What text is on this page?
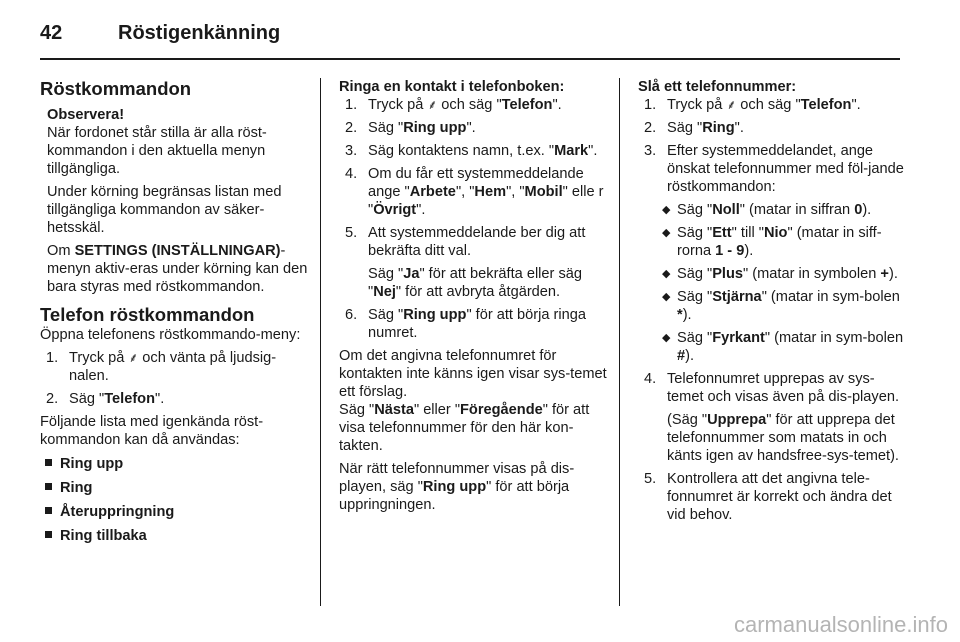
42	Röstigenkänning
Röstkommandon
Observera!
När fordonet står stilla är alla röst-kommandon i den aktuella menyn tillgängliga.
Under körning begränsas listan med tillgängliga kommandon av säker-hetsskäl.
Om SETTINGS (INSTÄLLNINGAR)-menyn aktiv-eras under körning kan den bara styras med röstkommandon.
Telefon röstkommandon
Öppna telefonens röstkommando-meny:
1. Tryck på ⸙ och vänta på ljudsig-nalen.
2. Säg "Telefon".
Följande lista med igenkända röst-kommandon kan då användas:
Ring upp
Ring
Återuppringning
Ring tillbaka
Ringa en kontakt i telefonboken:
1. Tryck på ⸙ och säg "Telefon".
2. Säg "Ring upp".
3. Säg kontaktens namn, t.ex. "Mark".
4. Om du får ett systemmeddelande ange "Arbete", "Hem", "Mobil" elle r "Övrigt".
5. Att systemmeddelande ber dig att bekräfta ditt val.
Säg "Ja" för att bekräfta eller säg "Nej" för att avbryta åtgärden.
6. Säg "Ring upp" för att börja ringa numret.
Om det angivna telefonnumret för kontakten inte känns igen visar sys-temet ett förslag.
Säg "Nästa" eller "Föregående" för att visa telefonnummer för den här kon-takten.
När rätt telefonnummer visas på dis-playen, säg "Ring upp" för att börja uppringningen.
Slå ett telefonnummer:
1. Tryck på ⸙ och säg "Telefon".
2. Säg "Ring".
3. Efter systemmeddelandet, ange önskat telefonnummer med föl-jande röstkommandon:
◆ Säg "Noll" (matar in siffran 0).
◆ Säg "Ett" till "Nio" (matar in siff-rorna 1 - 9).
◆ Säg "Plus" (matar in symbolen +).
◆ Säg "Stjärna" (matar in sym-bolen *).
◆ Säg "Fyrkant" (matar in sym-bolen #).
4. Telefonnumret upprepas av sys-temet och visas även på dis-playen.
(Säg "Upprepa" för att upprepa det telefonnummer som matats in och känts igen av handsfree-sys-temet).
5. Kontrollera att det angivna tele-fonnumret är korrekt och ändra det vid behov.
carmanualsonline.info
